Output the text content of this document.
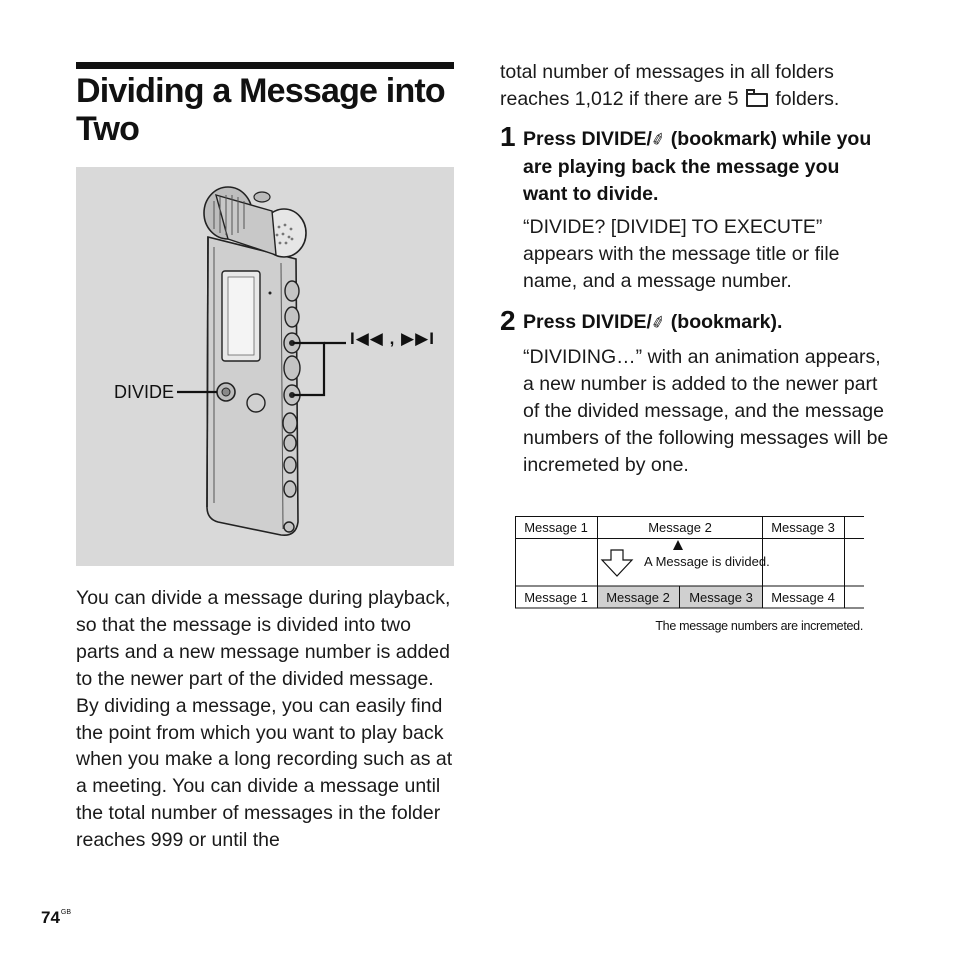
Dividing a Message into Two
DIVIDE
I◀◀ , ▶▶I

You can divide a message during playback, so that the message is divided into two parts and a new message number is added to the newer part of the divided message. By dividing a message, you can easily find the point from which you want to play back when you make a long recording such as at a meeting. You can divide a message until the total number of messages in the folder reaches 999 or until the

total number of messages in all folders reaches 1,012 if there are 5 folders.

1 Press DIVIDE/✐ (bookmark) while you are playing back the message you want to divide.

“DIVIDE? [DIVIDE] TO EXECUTE” appears with the message title or file name, and a message number.

2 Press DIVIDE/✐ (bookmark).

“DIVIDING…” with an animation appears, a new number is added to the newer part of the divided message, and the message numbers of the following messages will be incremeted by one.

Message 1	Message 2	Message 3
A Message is divided.
Message 1 Message 2 Message 3 Message 4
The message numbers are incremeted.
$74^{GB}$
